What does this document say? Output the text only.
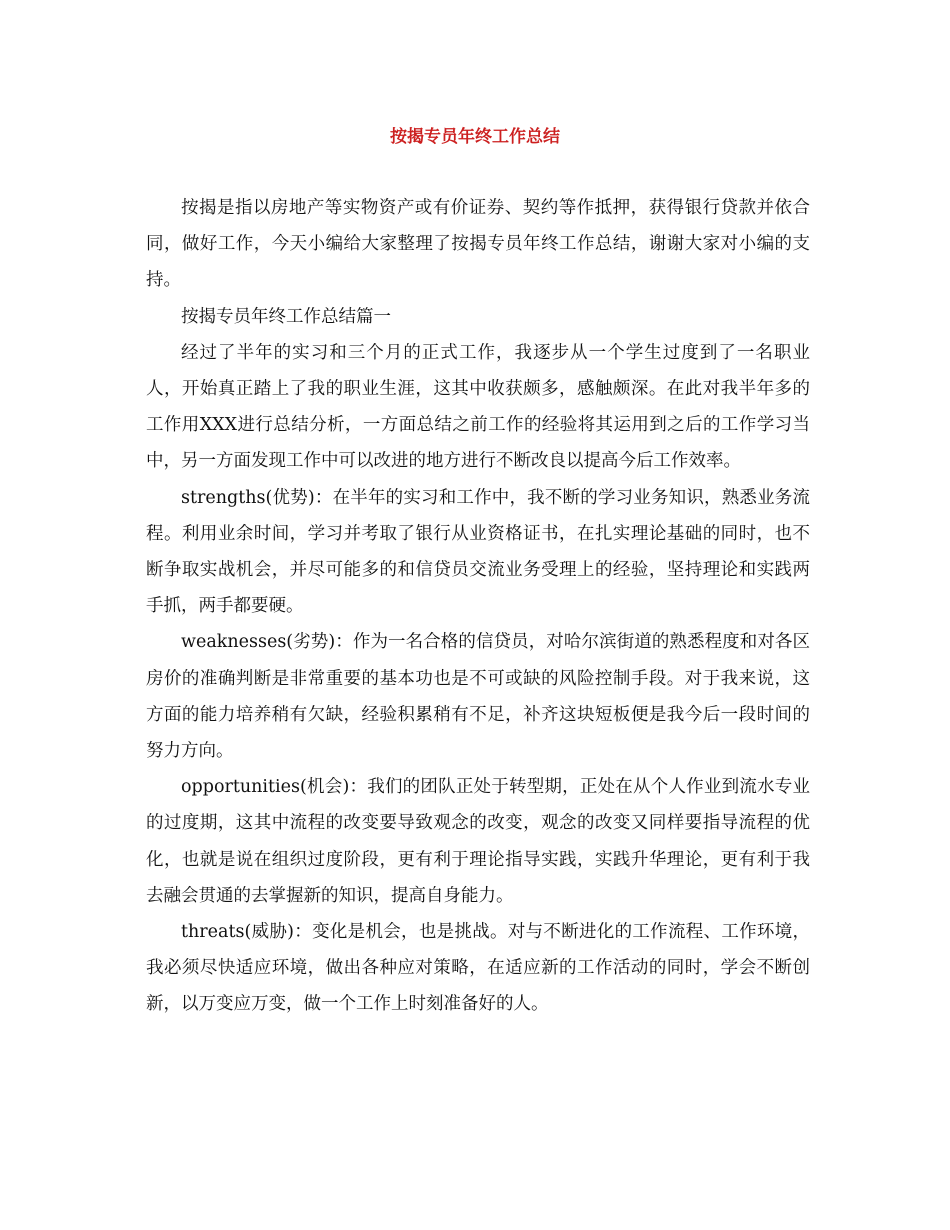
按揭专员年终工作总结

按揭是指以房地产等实物资产或有价证券、契约等作抵押，获得银行贷款并依合同，做好工作，今天小编给大家整理了按揭专员年终工作总结，谢谢大家对小编的支持。

按揭专员年终工作总结篇一

经过了半年的实习和三个月的正式工作，我逐步从一个学生过度到了一名职业人，开始真正踏上了我的职业生涯，这其中收获颇多，感触颇深。在此对我半年多的工作用XXX进行总结分析，一方面总结之前工作的经验将其运用到之后的工作学习当中，另一方面发现工作中可以改进的地方进行不断改良以提高今后工作效率。

strengths(优势)：在半年的实习和工作中，我不断的学习业务知识，熟悉业务流程。利用业余时间，学习并考取了银行从业资格证书，在扎实理论基础的同时，也不断争取实战机会，并尽可能多的和信贷员交流业务受理上的经验，坚持理论和实践两手抓，两手都要硬。

weaknesses(劣势)：作为一名合格的信贷员，对哈尔滨街道的熟悉程度和对各区房价的准确判断是非常重要的基本功也是不可或缺的风险控制手段。对于我来说，这方面的能力培养稍有欠缺，经验积累稍有不足，补齐这块短板便是我今后一段时间的努力方向。

opportunities(机会)：我们的团队正处于转型期，正处在从个人作业到流水专业的过度期，这其中流程的改变要导致观念的改变，观念的改变又同样要指导流程的优化，也就是说在组织过度阶段，更有利于理论指导实践，实践升华理论，更有利于我去融会贯通的去掌握新的知识，提高自身能力。

threats(威胁)：变化是机会，也是挑战。对与不断进化的工作流程、工作环境，我必须尽快适应环境，做出各种应对策略，在适应新的工作活动的同时，学会不断创新，以万变应万变，做一个工作上时刻准备好的人。
